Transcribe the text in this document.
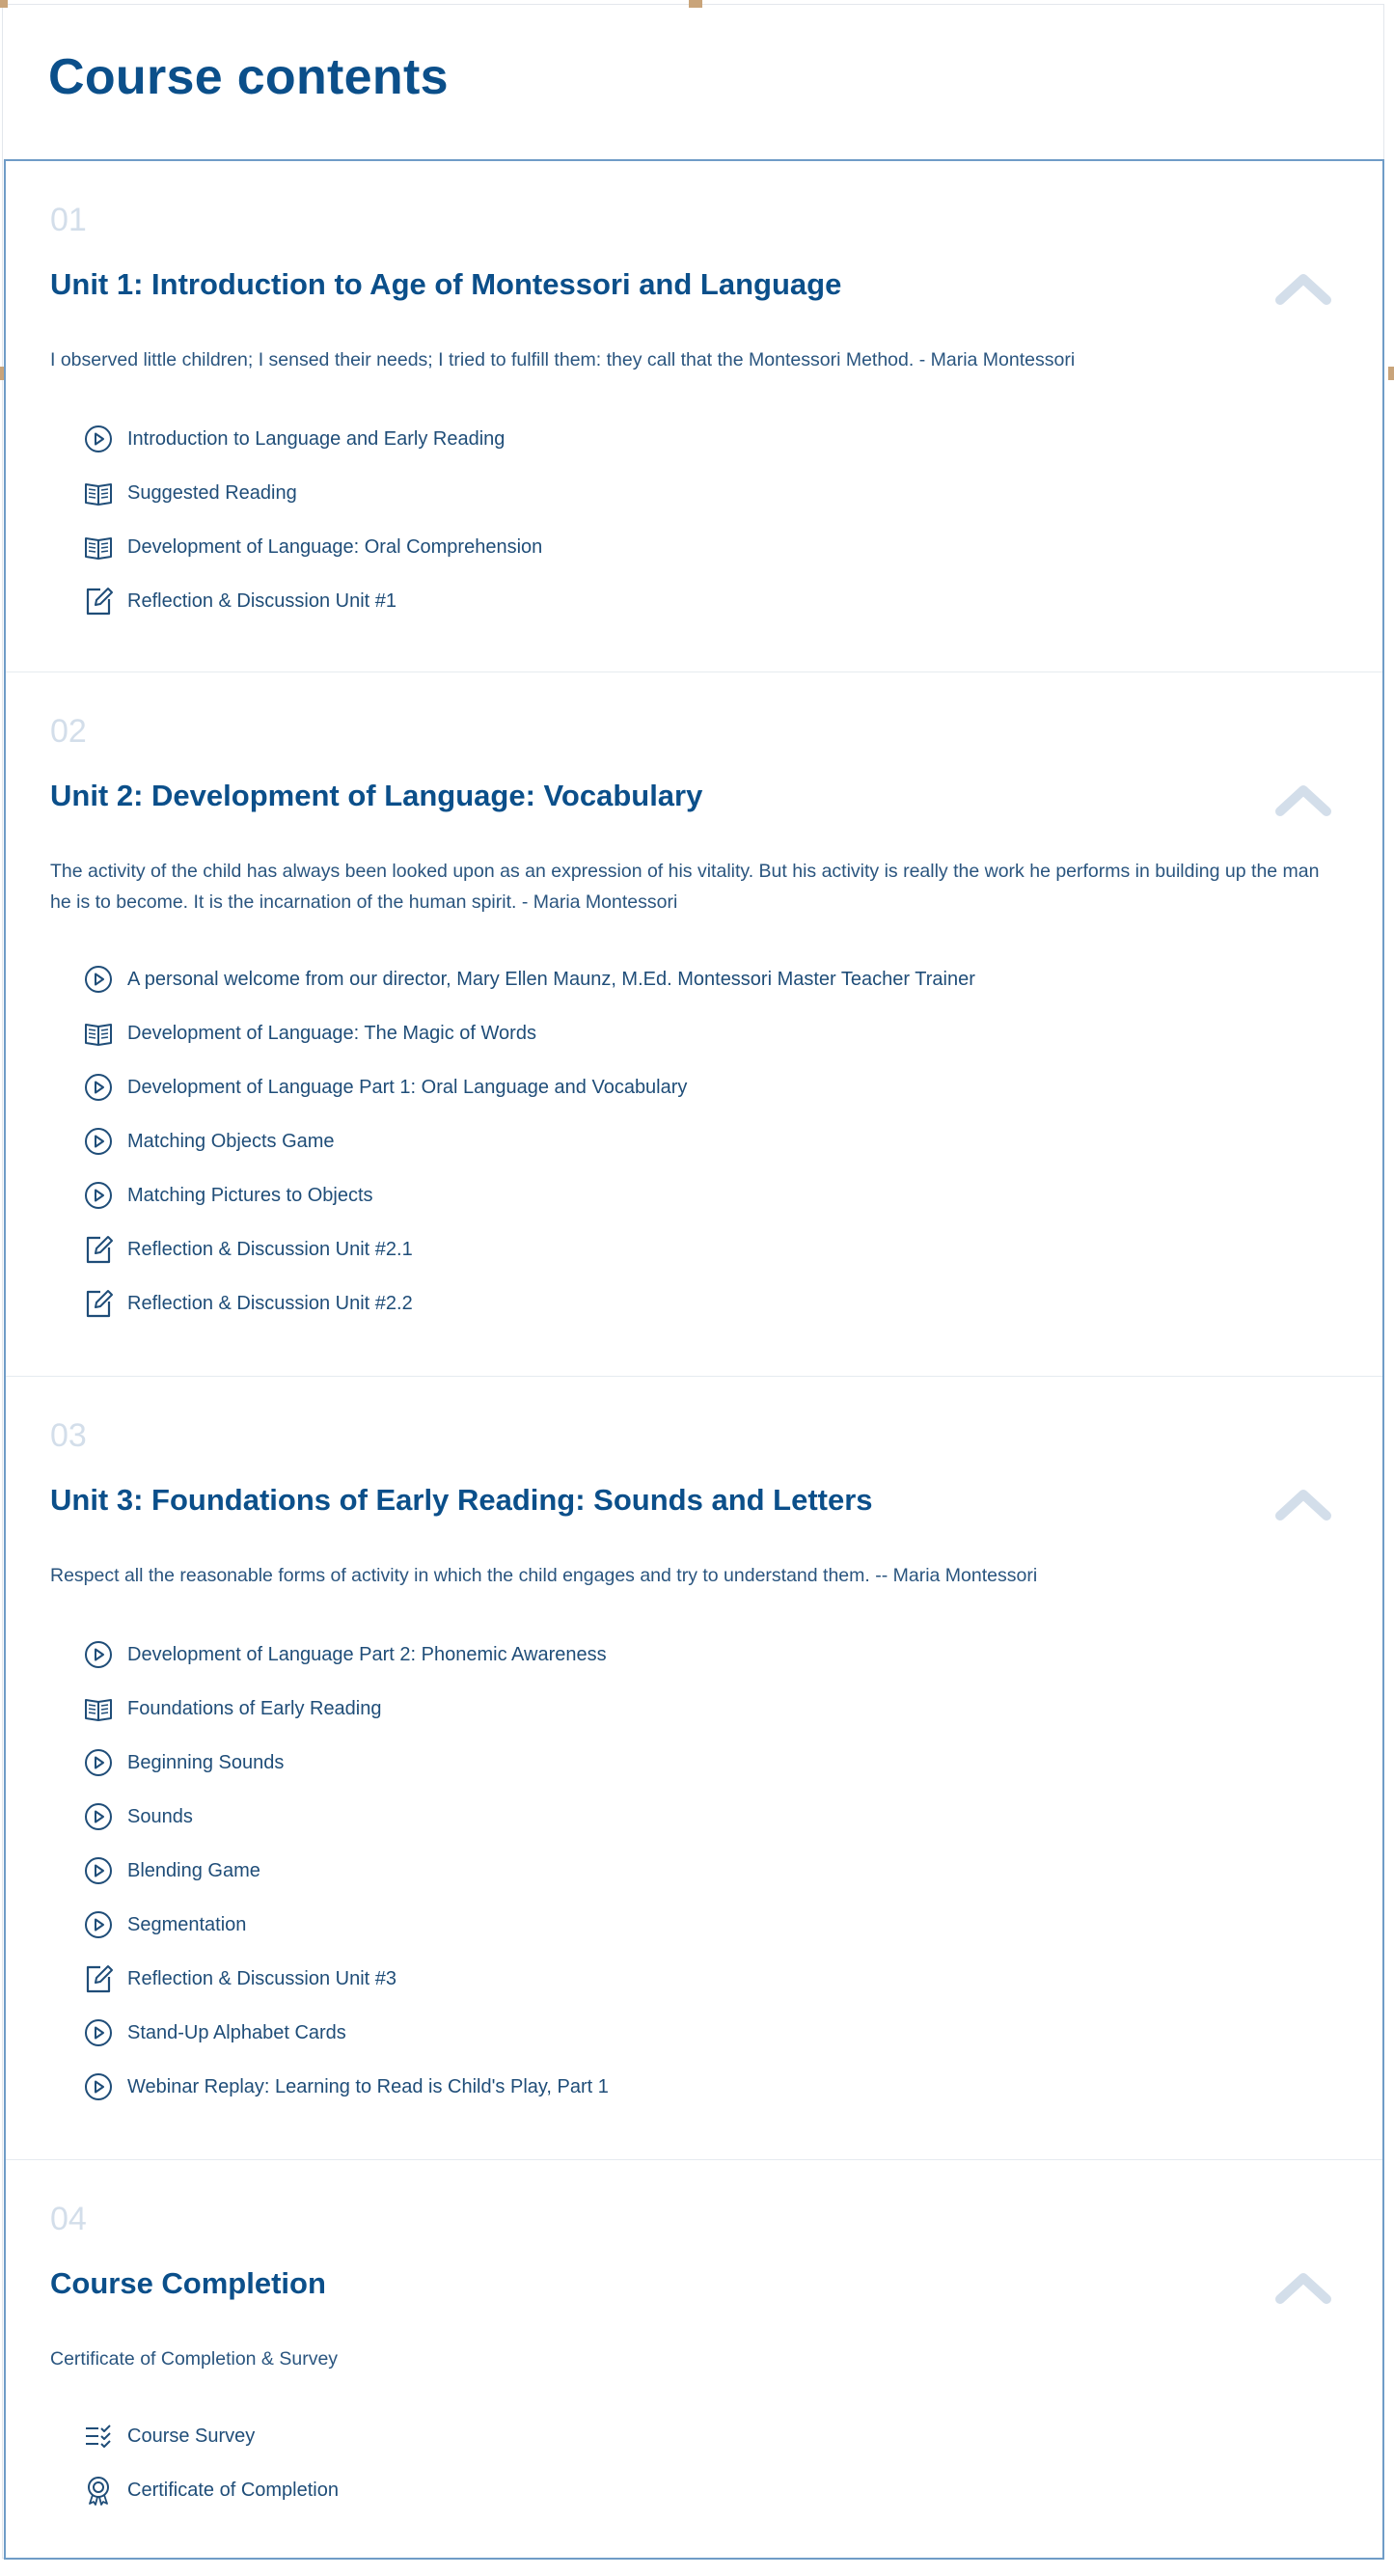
Course contents
01
Unit 1: Introduction to Age of Montessori and Language

I observed little children; I sensed their needs; I tried to fulfill them: they call that the Montessori Method. - Maria Montessori

Introduction to Language and Early Reading
Suggested Reading
Development of Language: Oral Comprehension
Reflection & Discussion Unit #1
02
Unit 2: Development of Language: Vocabulary

The activity of the child has always been looked upon as an expression of his vitality. But his activity is really the work he performs in building up the man he is to become. It is the incarnation of the human spirit. - Maria Montessori

A personal welcome from our director, Mary Ellen Maunz, M.Ed. Montessori Master Teacher Trainer
Development of Language: The Magic of Words
Development of Language Part 1: Oral Language and Vocabulary
Matching Objects Game
Matching Pictures to Objects
Reflection & Discussion Unit #2.1
Reflection & Discussion Unit #2.2
03
Unit 3: Foundations of Early Reading: Sounds and Letters

Respect all the reasonable forms of activity in which the child engages and try to understand them. -- Maria Montessori

Development of Language Part 2: Phonemic Awareness
Foundations of Early Reading
Beginning Sounds
Sounds
Blending Game
Segmentation
Reflection & Discussion Unit #3
Stand-Up Alphabet Cards
Webinar Replay: Learning to Read is Child's Play, Part 1
04
Course Completion

Certificate of Completion & Survey

Course Survey
Certificate of Completion
